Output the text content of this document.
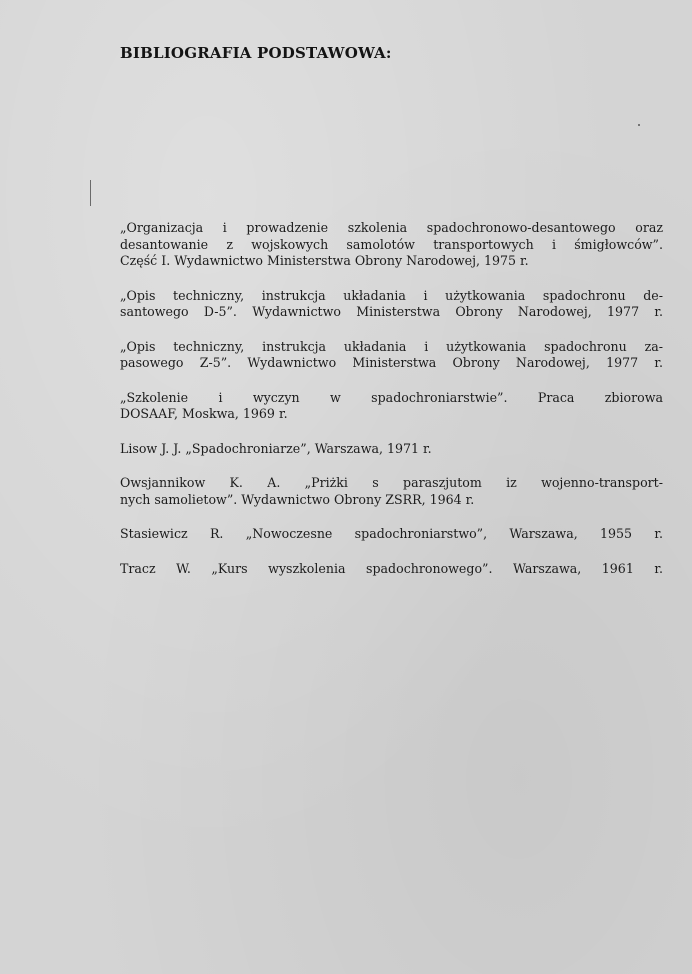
BIBLIOGRAFIA PODSTAWOWA:
„Organizacja i prowadzenie szkolenia spadochronowo-desantowego oraz
desantowanie z wojskowych samolotów transportowych i śmigłowców”.
Część I. Wydawnictwo Ministerstwa Obrony Narodowej, 1975 r.
„Opis techniczny, instrukcja układania i użytkowania spadochronu de-
santowego D-5”. Wydawnictwo Ministerstwa Obrony Narodowej, 1977 r.
„Opis techniczny, instrukcja układania i użytkowania spadochronu za-
pasowego Z-5”. Wydawnictwo Ministerstwa Obrony Narodowej, 1977 r.
„Szkolenie i wyczyn w spadochroniarstwie”. Praca zbiorowa
DOSAAF, Moskwa, 1969 r.
Lisow J. J. „Spadochroniarze”, Warszawa, 1971 r.
Owsjannikow K. A. „Priżki s paraszjutom iz wojenno-transport-
nych samolietow”. Wydawnictwo Obrony ZSRR, 1964 r.
Stasiewicz R. „Nowoczesne spadochroniarstwo”, Warszawa, 1955 r.
Tracz W. „Kurs wyszkolenia spadochronowego”. Warszawa, 1961 r.
